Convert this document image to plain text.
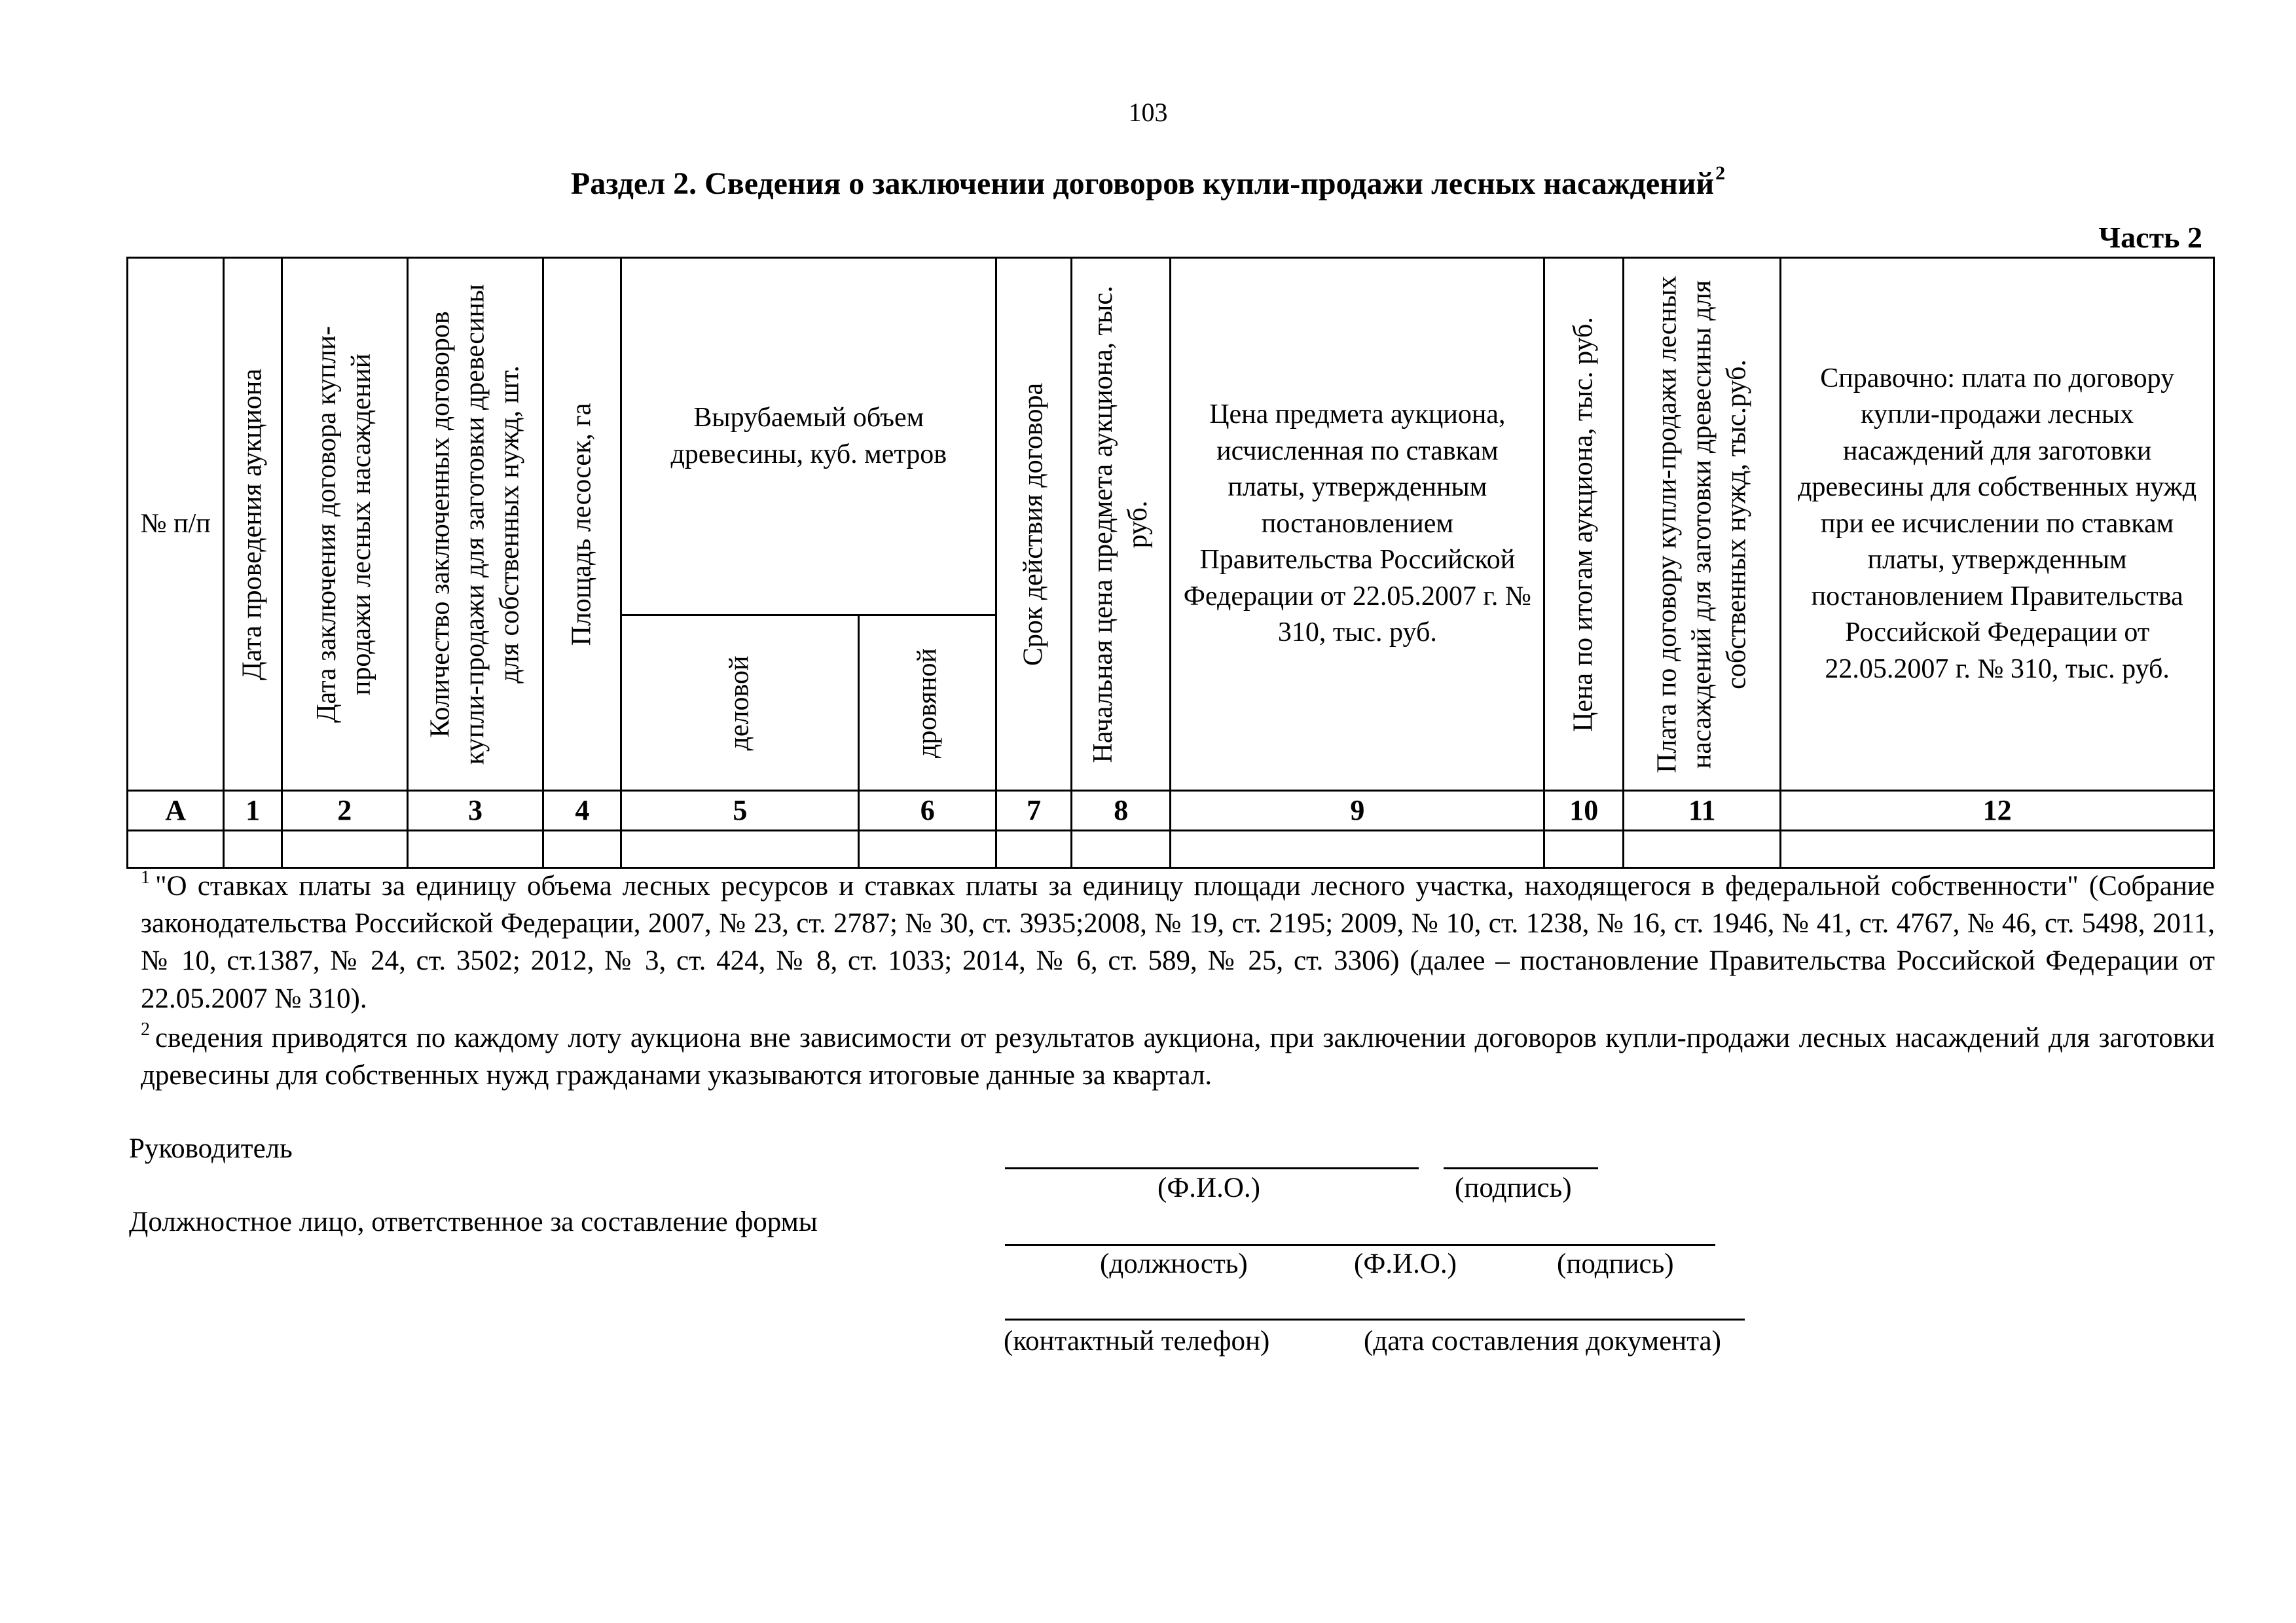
103
Раздел 2. Сведения о заключении договоров купли-продажи лесных насаждений$^2$
Часть 2
№ п/п	Дата проведения аукциона	Дата заключения договора купли-продажи лесных насаждений	Количество заключенных договоров купли-продажи для заготовки древесины для собственных нужд, шт.	Площадь лесосек, га	Вырубаемый объем древесины, куб. метров		Срок действия договора	Начальная цена предмета аукциона, тыс. руб.	Цена предмета аукциона, исчисленная по ставкам платы, утвержденным постановлением Правительства Российской Федерации от 22.05.2007 г. № 310, тыс. руб.	Цена по итогам аукциона, тыс. руб.	Плата по договору купли-продажи лесных насаждений для заготовки древесины для собственных нужд, тыс.руб.	Справочно: плата по договору купли-продажи лесных насаждений для заготовки древесины для собственных нужд при ее исчислении по ставкам платы, утвержденным постановлением Правительства Российской Федерации от 22.05.2007 г. № 310, тыс. руб.

					деловой	дровяной						

А	1	2	3	4	5	6	7	8	9	10	11	12

$^1$ "О ставках платы за единицу объема лесных ресурсов и ставках платы за единицу площади лесного участка, находящегося в федеральной собственности" (Собрание законодательства Российской Федерации, 2007, № 23, ст. 2787; № 30, ст. 3935;2008, № 19, ст. 2195; 2009, № 10, ст. 1238, № 16, ст. 1946, № 41, ст. 4767, № 46, ст. 5498, 2011, № 10, ст.1387, № 24, ст. 3502; 2012, № 3, ст. 424, № 8, ст. 1033; 2014, № 6, ст. 589, № 25, ст. 3306) (далее – постановление Правительства Российской Федерации от 22.05.2007 № 310).

$^2$ сведения приводятся по каждому лоту аукциона вне зависимости от результатов аукциона, при заключении договоров купли-продажи лесных насаждений для заготовки древесины для собственных нужд гражданами указываются итоговые данные за квартал.

Руководитель
(Ф.И.О.)	(подпись)
Должностное лицо, ответственное за составление формы
(должность)	(Ф.И.О.)	(подпись)
(контактный телефон)	(дата составления документа)
